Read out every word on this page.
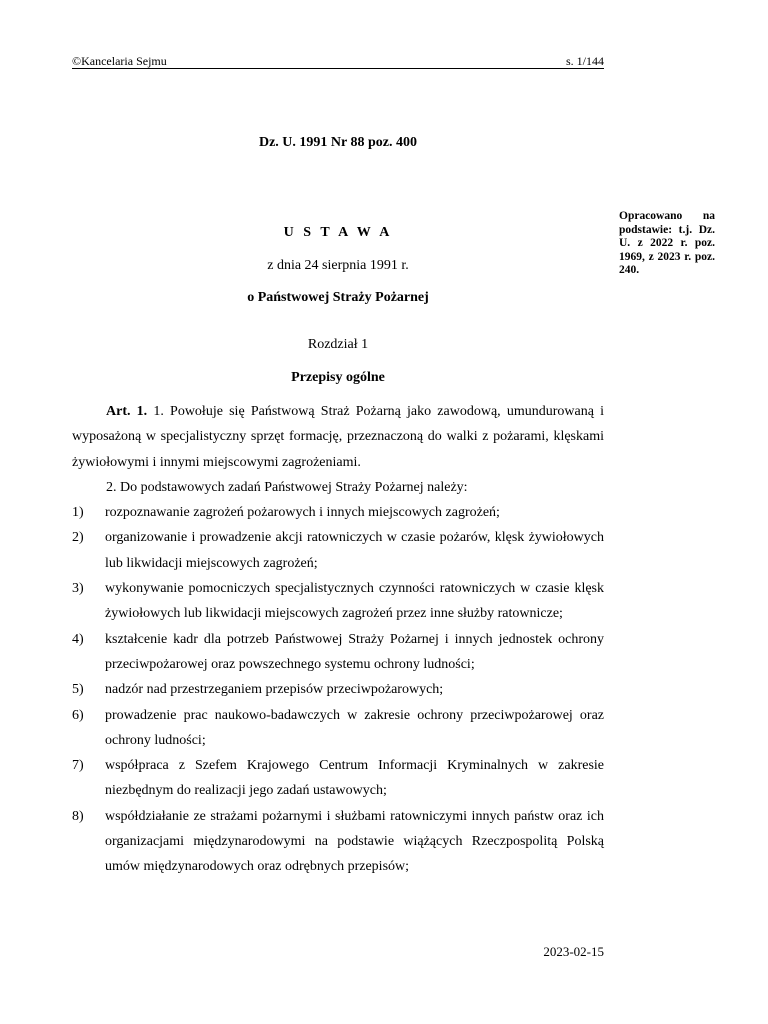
©Kancelaria Sejmu	s. 1/144
Dz. U. 1991 Nr 88 poz. 400
U S T A W A
z dnia 24 sierpnia 1991 r.
o Państwowej Straży Pożarnej
Opracowano na podstawie: t.j. Dz. U. z 2022 r. poz. 1969, z 2023 r. poz. 240.
Rozdział 1
Przepisy ogólne

Art. 1. 1. Powołuje się Państwową Straż Pożarną jako zawodową, umundurowaną i wyposażoną w specjalistyczny sprzęt formację, przeznaczoną do walki z pożarami, klęskami żywiołowymi i innymi miejscowymi zagrożeniami.

2. Do podstawowych zadań Państwowej Straży Pożarnej należy:

1) rozpoznawanie zagrożeń pożarowych i innych miejscowych zagrożeń;
2) organizowanie i prowadzenie akcji ratowniczych w czasie pożarów, klęsk żywiołowych lub likwidacji miejscowych zagrożeń;
3) wykonywanie pomocniczych specjalistycznych czynności ratowniczych w czasie klęsk żywiołowych lub likwidacji miejscowych zagrożeń przez inne służby ratownicze;
4) kształcenie kadr dla potrzeb Państwowej Straży Pożarnej i innych jednostek ochrony przeciwpożarowej oraz powszechnego systemu ochrony ludności;
5) nadzór nad przestrzeganiem przepisów przeciwpożarowych;
6) prowadzenie prac naukowo-badawczych w zakresie ochrony przeciwpożarowej oraz ochrony ludności;
7) współpraca z Szefem Krajowego Centrum Informacji Kryminalnych w zakresie niezbędnym do realizacji jego zadań ustawowych;
8) współdziałanie ze strażami pożarnymi i służbami ratowniczymi innych państw oraz ich organizacjami międzynarodowymi na podstawie wiążących Rzeczpospolitą Polską umów międzynarodowych oraz odrębnych przepisów;
2023-02-15
